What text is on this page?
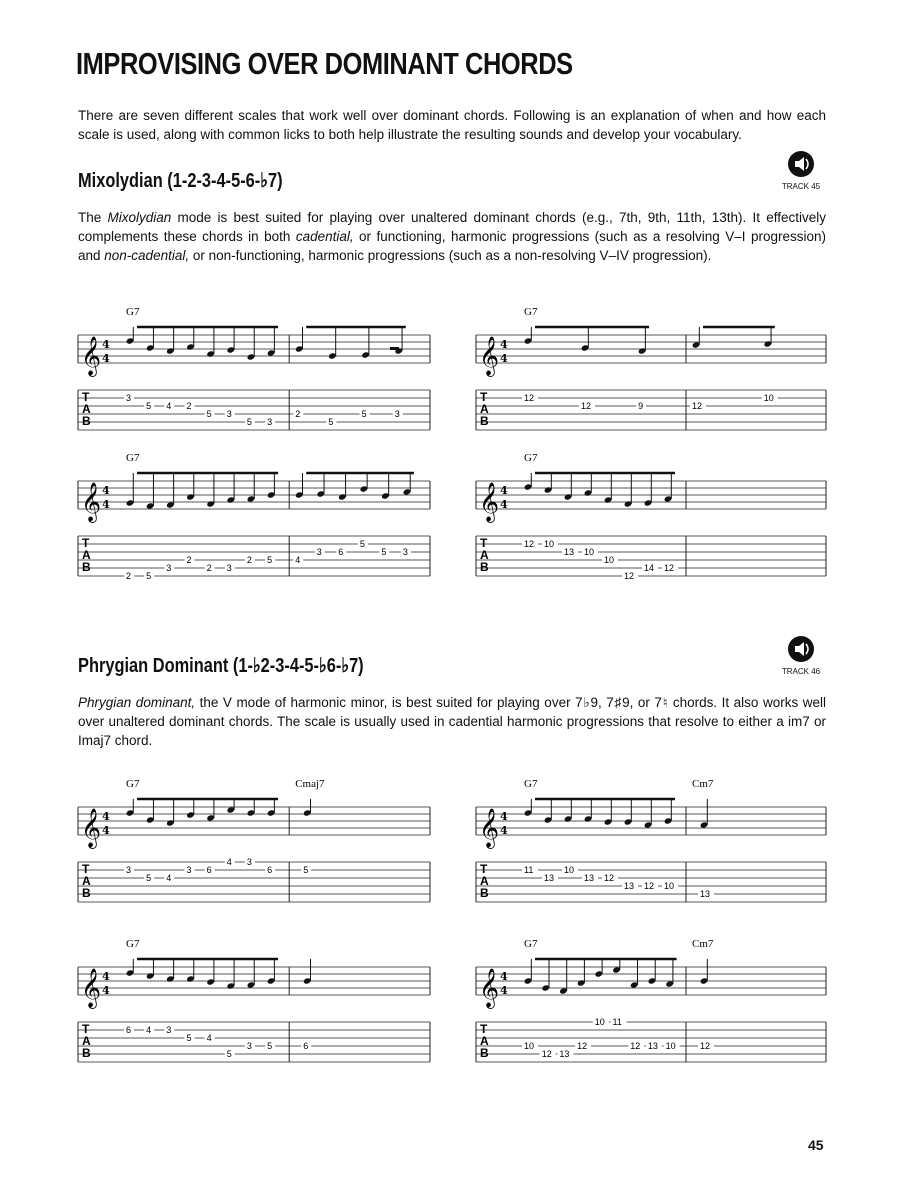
IMPROVISING OVER DOMINANT CHORDS
There are seven different scales that work well over dominant chords. Following is an explanation of when and how each scale is used, along with common licks to both help illustrate the resulting sounds and develop your vocabulary.
Mixolydian (1-2-3-4-5-6-♭7)	TRACK 45
The Mixolydian mode is best suited for playing over unaltered dominant chords (e.g., 7th, 9th, 11th, 13th). It effectively complements these chords in both cadential, or functioning, harmonic progressions (such as a resolving V–I progression) and non-cadential, or non-functioning, harmonic progressions (such as a non-resolving V–IV progression).
Phrygian Dominant (1-♭2-3-4-5-♭6-♭7)	TRACK 46
Phrygian dominant, the V mode of harmonic minor, is best suited for playing over 7♭9, 7♯9, or 7♮ chords. It also works well over unaltered dominant chords. The scale is usually used in cadential harmonic progressions that resolve to either a im7 or Imaj7 chord.
𝄞 4
4
T
A
B
G7
3
5 4 2
5 3
5 3
2
5
5	3
𝄞 4
4
T
A
B
G7
12
12	9	12
10
𝄞 4
4
T
A
B
G7
2 5
3
2
2 3
2 5	4
3 6
5
5 3
𝄞 4
4
T
A
B
G7
12 10
13 10
10
12
14 12
𝄞 4
4
T
A
B
G7	Cmaj7
3
5 4
3 6
4 3
6	5
𝄞 4
4
T
A
B
G7	Cm7
11
13
10
13 12
13 12 10
13
𝄞 4
4
T
A
B
G7
6 4 3
5 4
5
3 5	6
𝄞 4
4
T
A
B
G7	Cm7
10
12 13
12
10 11
12 13 10	12
45
